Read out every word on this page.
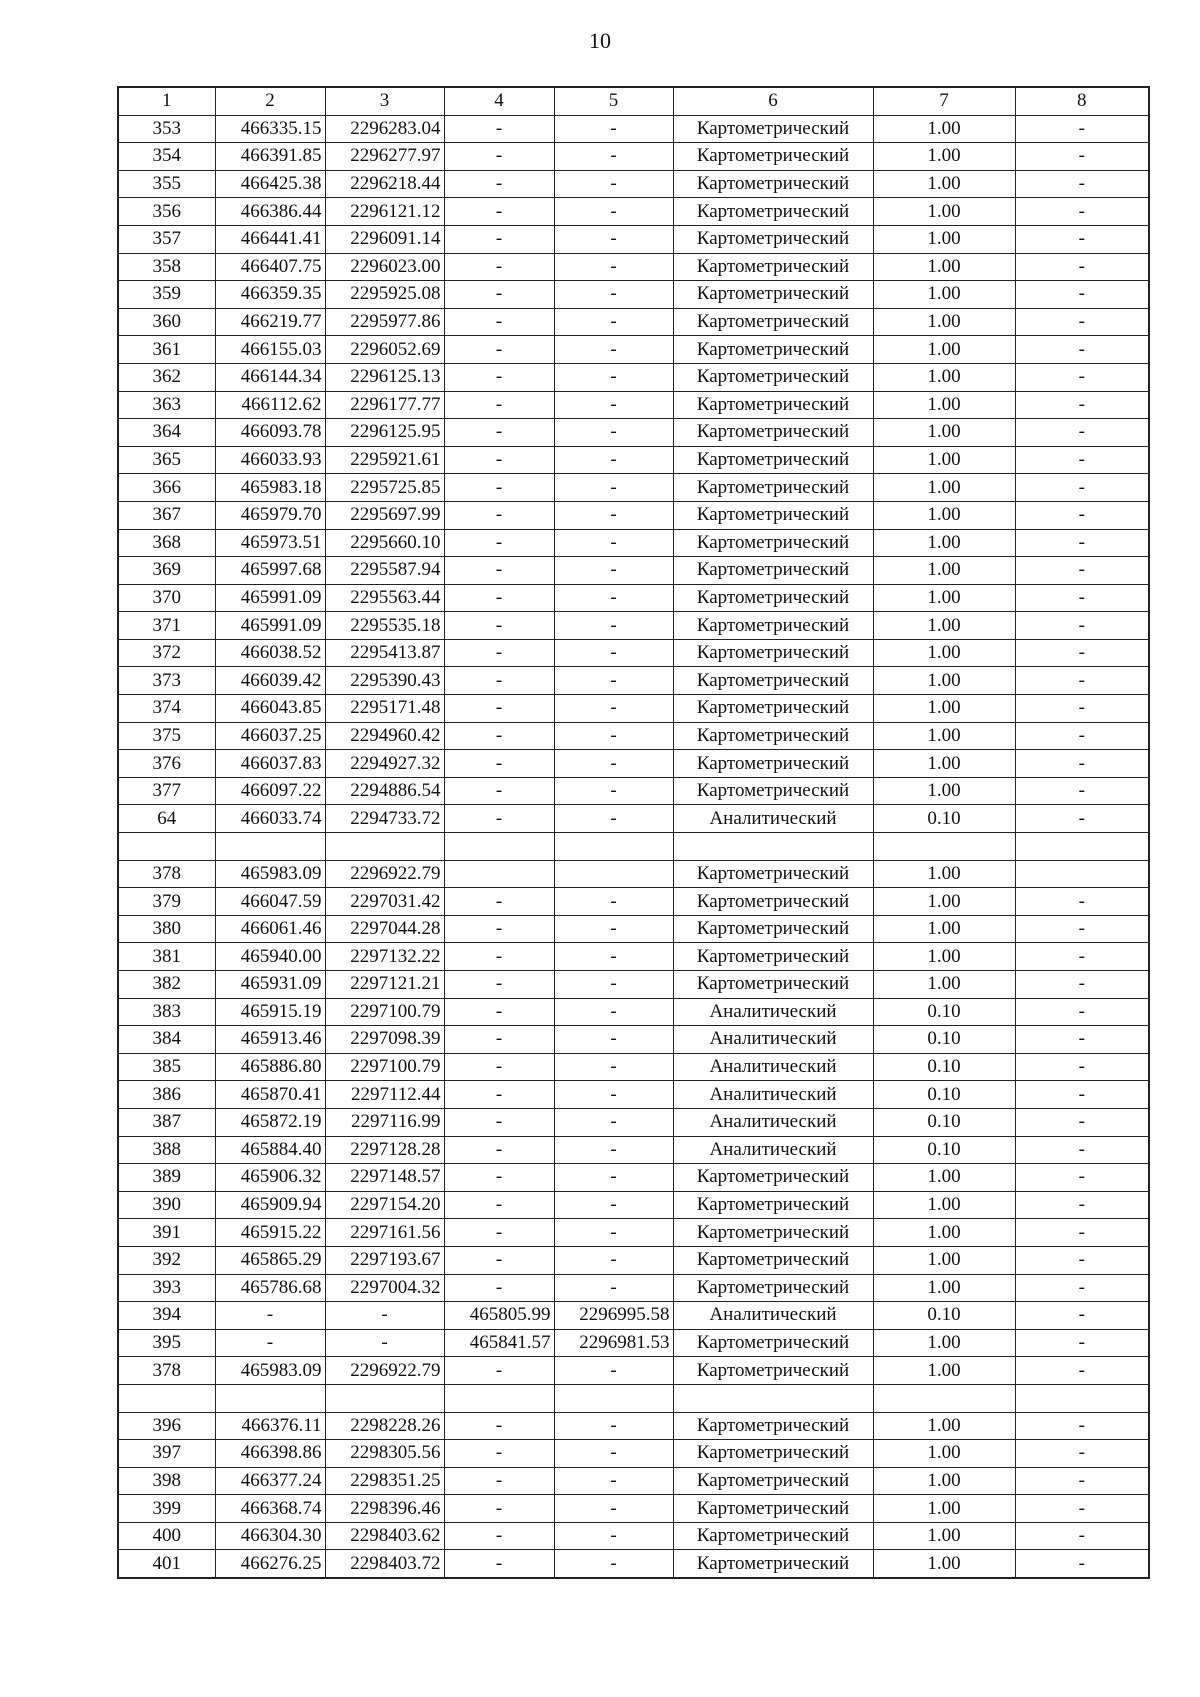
10
1	2	3	4	5	6	7	8
353	466335.15	2296283.04	-	-	Картометрический	1.00	-
354	466391.85	2296277.97	-	-	Картометрический	1.00	-
355	466425.38	2296218.44	-	-	Картометрический	1.00	-
356	466386.44	2296121.12	-	-	Картометрический	1.00	-
357	466441.41	2296091.14	-	-	Картометрический	1.00	-
358	466407.75	2296023.00	-	-	Картометрический	1.00	-
359	466359.35	2295925.08	-	-	Картометрический	1.00	-
360	466219.77	2295977.86	-	-	Картометрический	1.00	-
361	466155.03	2296052.69	-	-	Картометрический	1.00	-
362	466144.34	2296125.13	-	-	Картометрический	1.00	-
363	466112.62	2296177.77	-	-	Картометрический	1.00	-
364	466093.78	2296125.95	-	-	Картометрический	1.00	-
365	466033.93	2295921.61	-	-	Картометрический	1.00	-
366	465983.18	2295725.85	-	-	Картометрический	1.00	-
367	465979.70	2295697.99	-	-	Картометрический	1.00	-
368	465973.51	2295660.10	-	-	Картометрический	1.00	-
369	465997.68	2295587.94	-	-	Картометрический	1.00	-
370	465991.09	2295563.44	-	-	Картометрический	1.00	-
371	465991.09	2295535.18	-	-	Картометрический	1.00	-
372	466038.52	2295413.87	-	-	Картометрический	1.00	-
373	466039.42	2295390.43	-	-	Картометрический	1.00	-
374	466043.85	2295171.48	-	-	Картометрический	1.00	-
375	466037.25	2294960.42	-	-	Картометрический	1.00	-
376	466037.83	2294927.32	-	-	Картометрический	1.00	-
377	466097.22	2294886.54	-	-	Картометрический	1.00	-
64	466033.74	2294733.72	-	-	Аналитический	0.10	-

378	465983.09	2296922.79			Картометрический	1.00	
379	466047.59	2297031.42	-	-	Картометрический	1.00	-
380	466061.46	2297044.28	-	-	Картометрический	1.00	-
381	465940.00	2297132.22	-	-	Картометрический	1.00	-
382	465931.09	2297121.21	-	-	Картометрический	1.00	-
383	465915.19	2297100.79	-	-	Аналитический	0.10	-
384	465913.46	2297098.39	-	-	Аналитический	0.10	-
385	465886.80	2297100.79	-	-	Аналитический	0.10	-
386	465870.41	2297112.44	-	-	Аналитический	0.10	-
387	465872.19	2297116.99	-	-	Аналитический	0.10	-
388	465884.40	2297128.28	-	-	Аналитический	0.10	-
389	465906.32	2297148.57	-	-	Картометрический	1.00	-
390	465909.94	2297154.20	-	-	Картометрический	1.00	-
391	465915.22	2297161.56	-	-	Картометрический	1.00	-
392	465865.29	2297193.67	-	-	Картометрический	1.00	-
393	465786.68	2297004.32	-	-	Картометрический	1.00	-
394	-	-	465805.99	2296995.58	Аналитический	0.10	-
395	-	-	465841.57	2296981.53	Картометрический	1.00	-
378	465983.09	2296922.79	-	-	Картометрический	1.00	-

396	466376.11	2298228.26	-	-	Картометрический	1.00	-
397	466398.86	2298305.56	-	-	Картометрический	1.00	-
398	466377.24	2298351.25	-	-	Картометрический	1.00	-
399	466368.74	2298396.46	-	-	Картометрический	1.00	-
400	466304.30	2298403.62	-	-	Картометрический	1.00	-
401	466276.25	2298403.72	-	-	Картометрический	1.00	-
